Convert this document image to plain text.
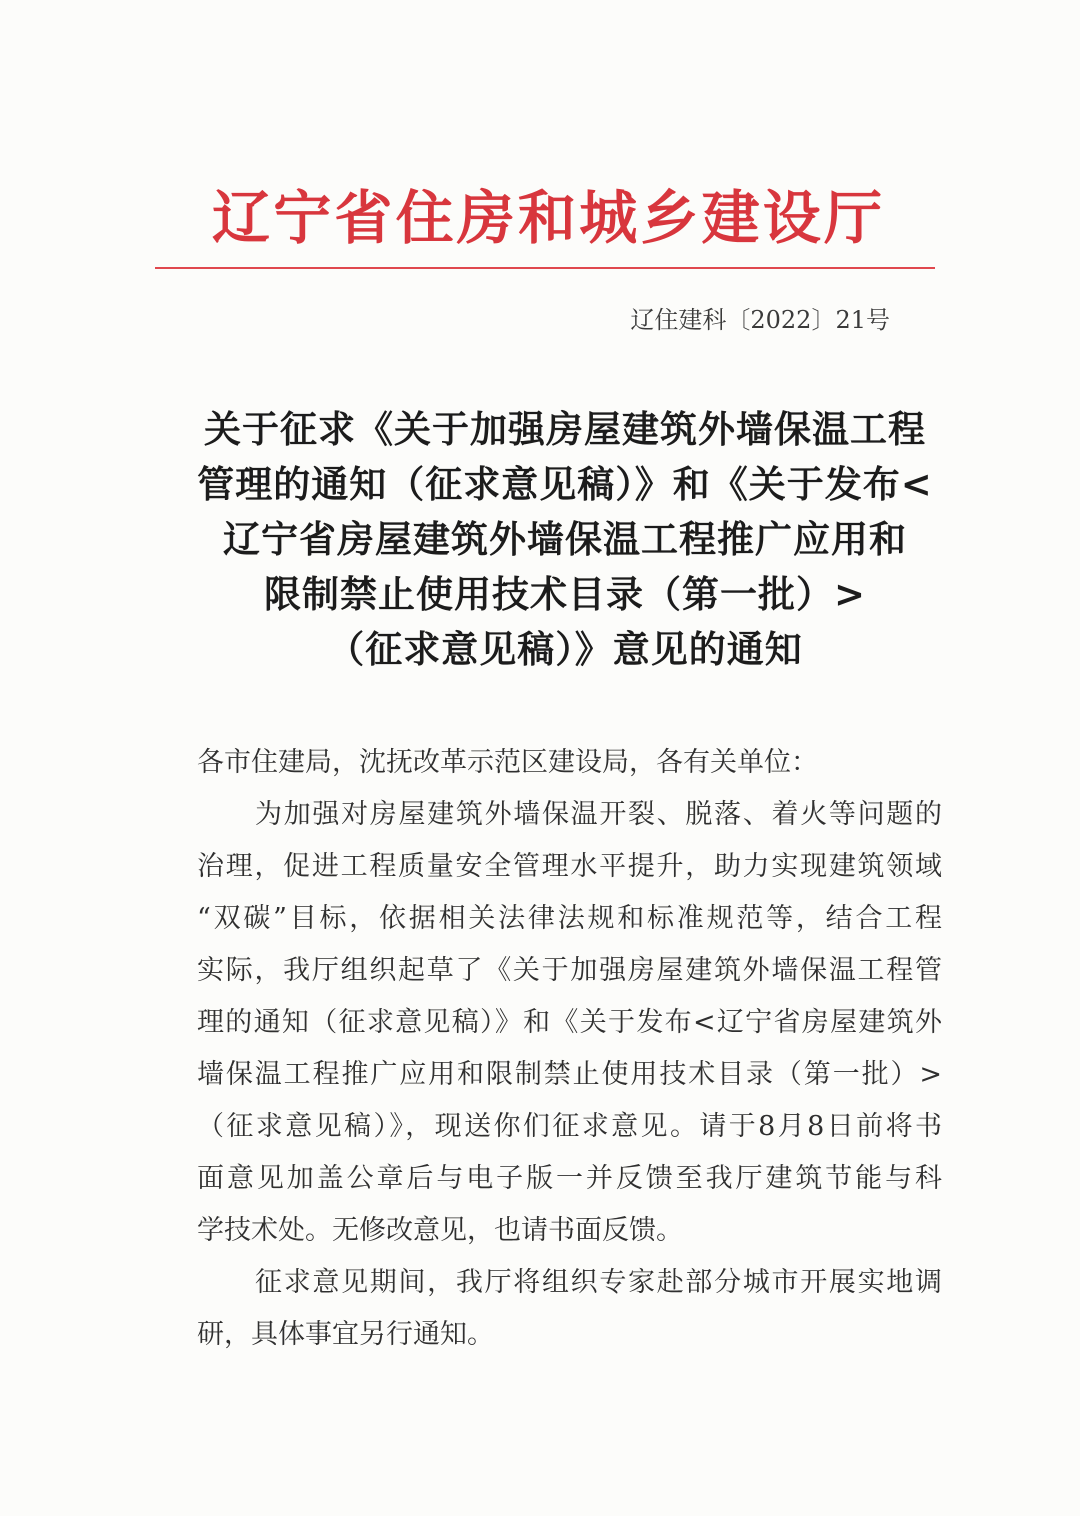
辽宁省住房和城乡建设厅
辽住建科〔2022〕21号
关于征求《关于加强房屋建筑外墙保温工程
管理的通知（征求意见稿）》和《关于发布<
辽宁省房屋建筑外墙保温工程推广应用和
限制禁止使用技术目录（第一批）>
（征求意见稿）》意见的通知
各市住建局，沈抚改革示范区建设局，各有关单位：
为加强对房屋建筑外墙保温开裂、脱落、着火等问题的
治理，促进工程质量安全管理水平提升，助力实现建筑领域
“双碳”目标，依据相关法律法规和标准规范等，结合工程
实际，我厅组织起草了《关于加强房屋建筑外墙保温工程管
理的通知（征求意见稿）》和《关于发布<辽宁省房屋建筑外
墙保温工程推广应用和限制禁止使用技术目录（第一批）>
（征求意见稿）》，现送你们征求意见。请于8月8日前将书
面意见加盖公章后与电子版一并反馈至我厅建筑节能与科
学技术处。无修改意见，也请书面反馈。
征求意见期间，我厅将组织专家赴部分城市开展实地调
研，具体事宜另行通知。
